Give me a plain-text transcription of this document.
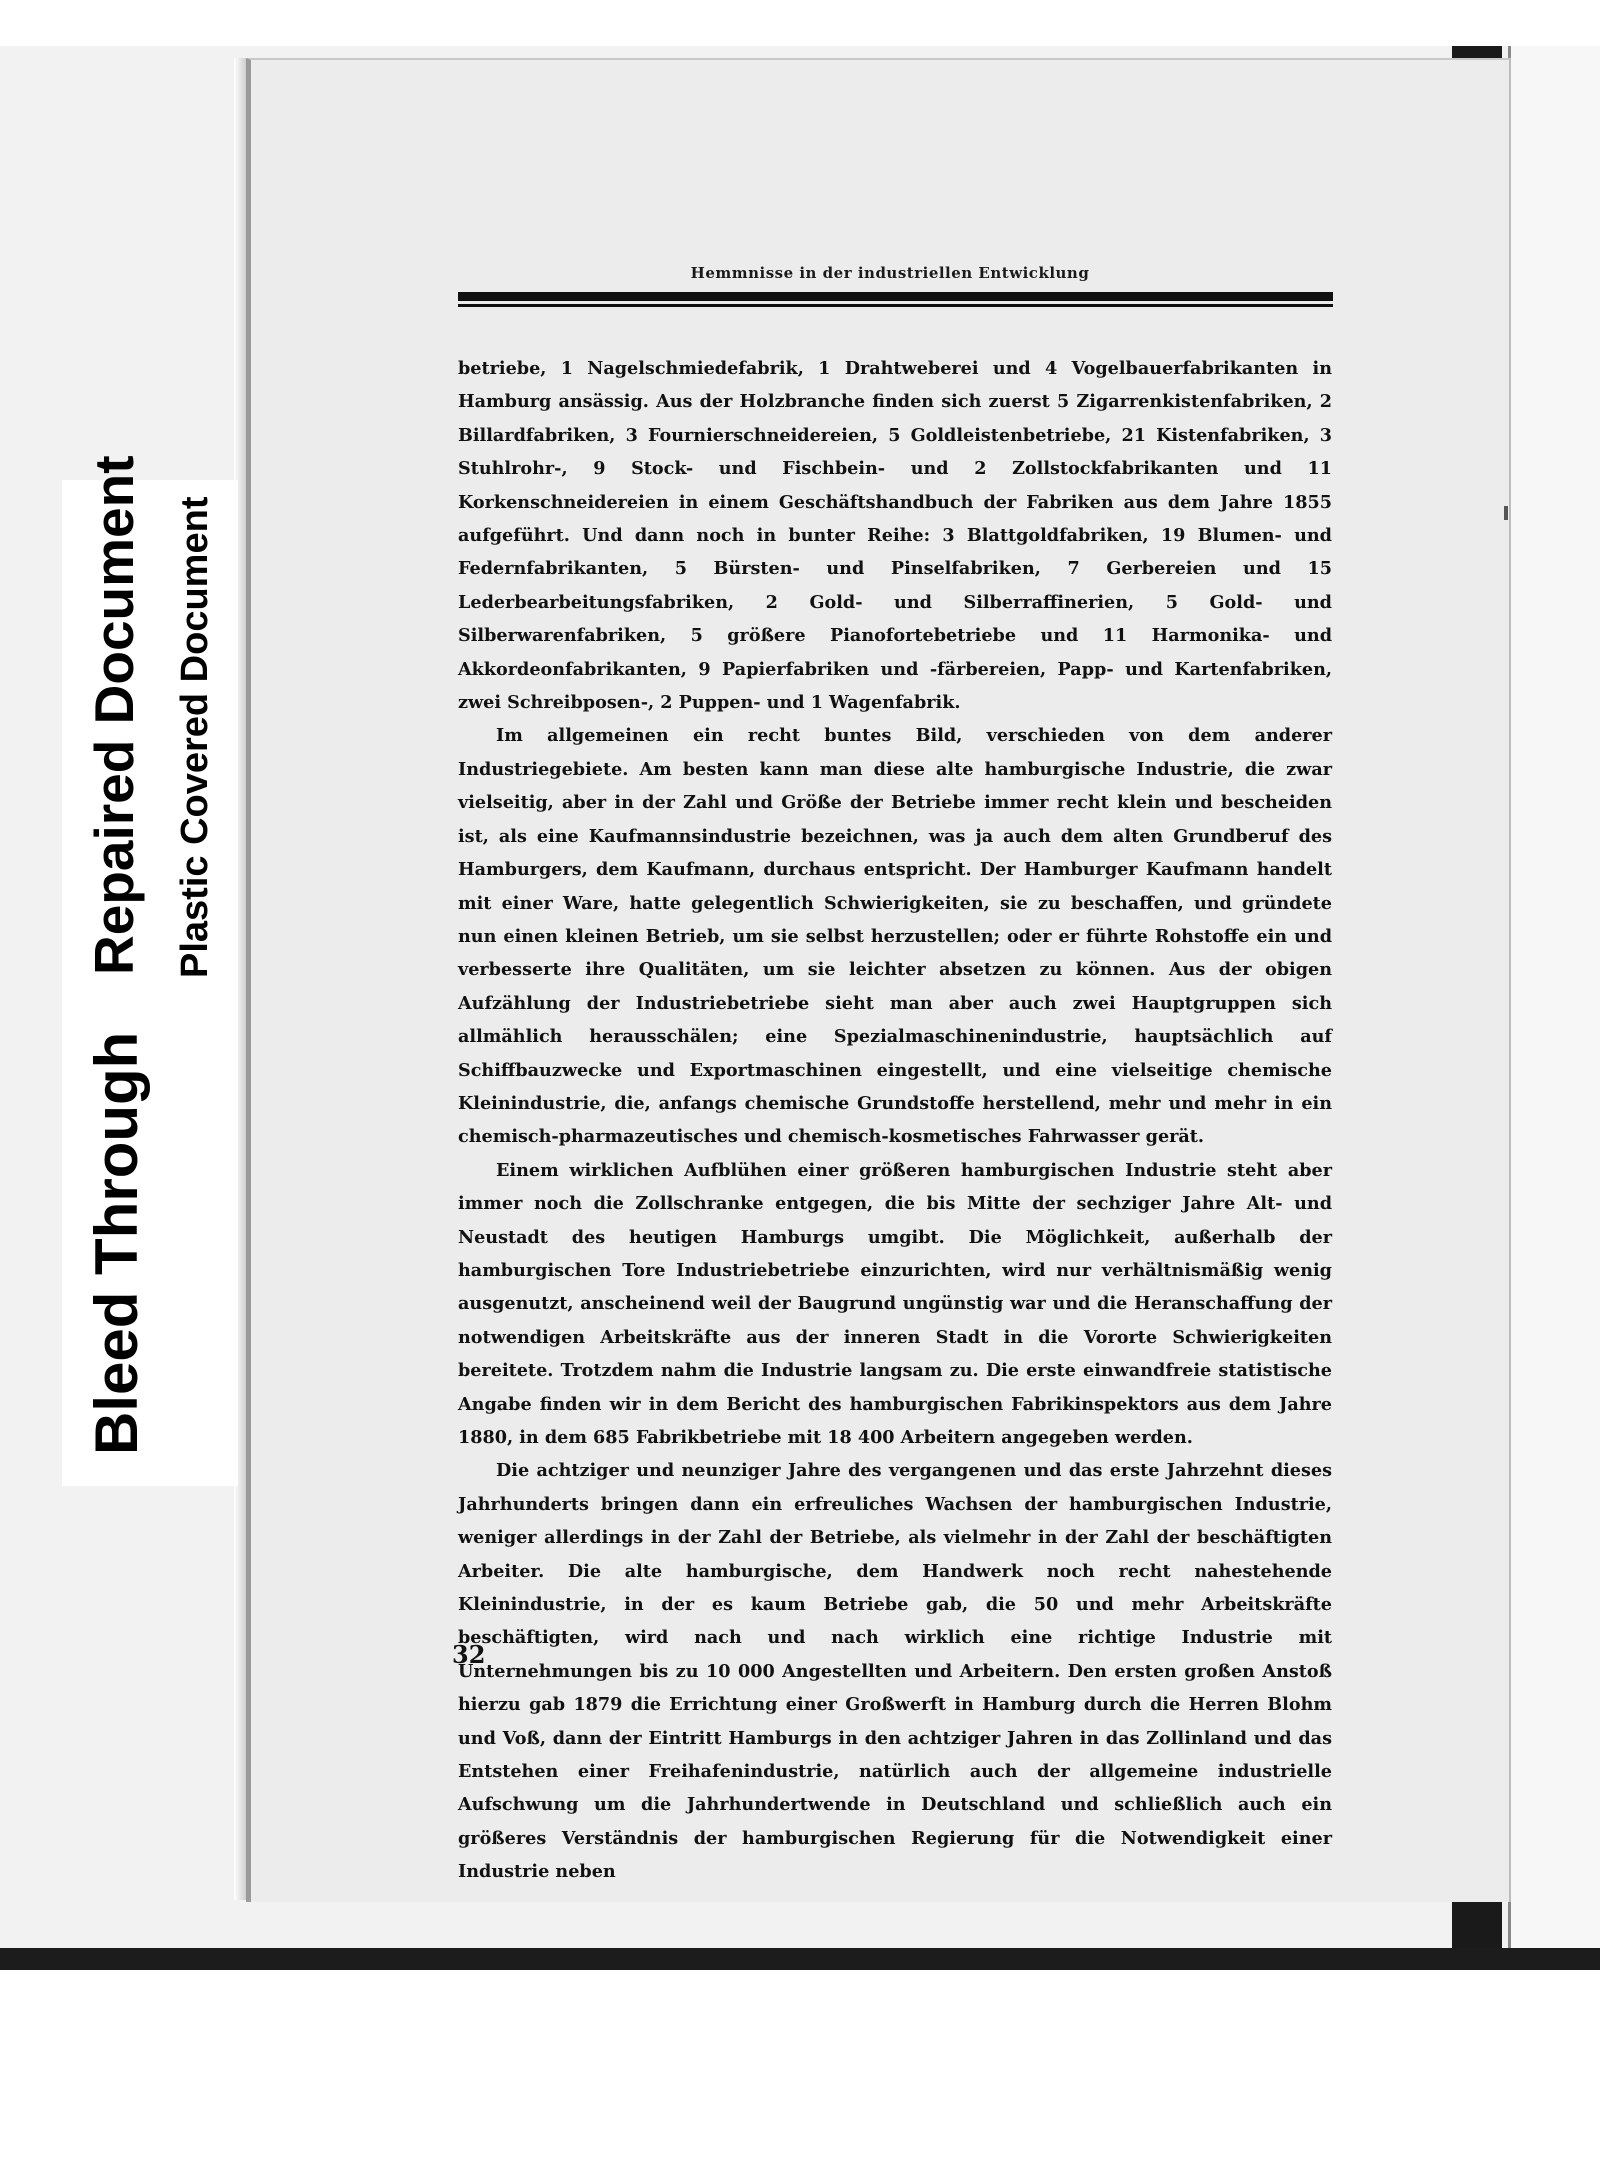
Bleed Through
Repaired Document Plastic Covered Document
Hemmnisse in der industriellen Entwicklung

betriebe, 1 Nagelschmiedefabrik, 1 Drahtweberei und 4 Vogelbauerfabrikanten in Hamburg ansässig. Aus der Holzbranche finden sich zuerst 5 Zigarrenkistenfabriken, 2 Billardfabriken, 3 Fournierschneidereien, 5 Goldleistenbetriebe, 21 Kistenfabriken, 3 Stuhlrohr-, 9 Stock- und Fischbein- und 2 Zollstockfabrikanten und 11 Korkenschneidereien in einem Geschäftshandbuch der Fabriken aus dem Jahre 1855 aufgeführt. Und dann noch in bunter Reihe: 3 Blattgoldfabriken, 19 Blumen- und Federnfabrikanten, 5 Bürsten- und Pinselfabriken, 7 Gerbereien und 15 Lederbearbeitungsfabriken, 2 Gold- und Silberraffinerien, 5 Gold- und Silberwarenfabriken, 5 größere Pianofortebetriebe und 11 Harmonika- und Akkordeonfabrikanten, 9 Papierfabriken und -färbereien, Papp- und Kartenfabriken, zwei Schreibposen-, 2 Puppen- und 1 Wagenfabrik.

Im allgemeinen ein recht buntes Bild, verschieden von dem anderer Industriegebiete. Am besten kann man diese alte hamburgische Industrie, die zwar vielseitig, aber in der Zahl und Größe der Betriebe immer recht klein und bescheiden ist, als eine Kaufmannsindustrie bezeichnen, was ja auch dem alten Grundberuf des Hamburgers, dem Kaufmann, durchaus entspricht. Der Hamburger Kaufmann handelt mit einer Ware, hatte gelegentlich Schwierigkeiten, sie zu beschaffen, und gründete nun einen kleinen Betrieb, um sie selbst herzustellen; oder er führte Rohstoffe ein und verbesserte ihre Qualitäten, um sie leichter absetzen zu können. Aus der obigen Aufzählung der Industriebetriebe sieht man aber auch zwei Hauptgruppen sich allmählich herausschälen; eine Spezialmaschinenindustrie, hauptsächlich auf Schiffbauzwecke und Exportmaschinen eingestellt, und eine vielseitige chemische Kleinindustrie, die, anfangs chemische Grundstoffe herstellend, mehr und mehr in ein chemisch-pharmazeutisches und chemisch-kosmetisches Fahrwasser gerät.

Einem wirklichen Aufblühen einer größeren hamburgischen Industrie steht aber immer noch die Zollschranke entgegen, die bis Mitte der sechziger Jahre Alt- und Neustadt des heutigen Hamburgs umgibt. Die Möglichkeit, außerhalb der hamburgischen Tore Industriebetriebe einzurichten, wird nur verhältnismäßig wenig ausgenutzt, anscheinend weil der Baugrund ungünstig war und die Heranschaffung der notwendigen Arbeitskräfte aus der inneren Stadt in die Vororte Schwierigkeiten bereitete. Trotzdem nahm die Industrie langsam zu. Die erste einwandfreie statistische Angabe finden wir in dem Bericht des hamburgischen Fabrikinspektors aus dem Jahre 1880, in dem 685 Fabrikbetriebe mit 18 400 Arbeitern angegeben werden.

Die achtziger und neunziger Jahre des vergangenen und das erste Jahrzehnt dieses Jahrhunderts bringen dann ein erfreuliches Wachsen der hamburgischen Industrie, weniger allerdings in der Zahl der Betriebe, als vielmehr in der Zahl der beschäftigten Arbeiter. Die alte hamburgische, dem Handwerk noch recht nahestehende Kleinindustrie, in der es kaum Betriebe gab, die 50 und mehr Arbeitskräfte beschäftigten, wird nach und nach wirklich eine richtige Industrie mit Unternehmungen bis zu 10 000 Angestellten und Arbeitern. Den ersten großen Anstoß hierzu gab 1879 die Errichtung einer Großwerft in Hamburg durch die Herren Blohm und Voß, dann der Eintritt Hamburgs in den achtziger Jahren in das Zollinland und das Entstehen einer Freihafenindustrie, natürlich auch der allgemeine industrielle Aufschwung um die Jahrhundertwende in Deutschland und schließlich auch ein größeres Verständnis der hamburgischen Regierung für die Notwendigkeit einer Industrie neben

32
